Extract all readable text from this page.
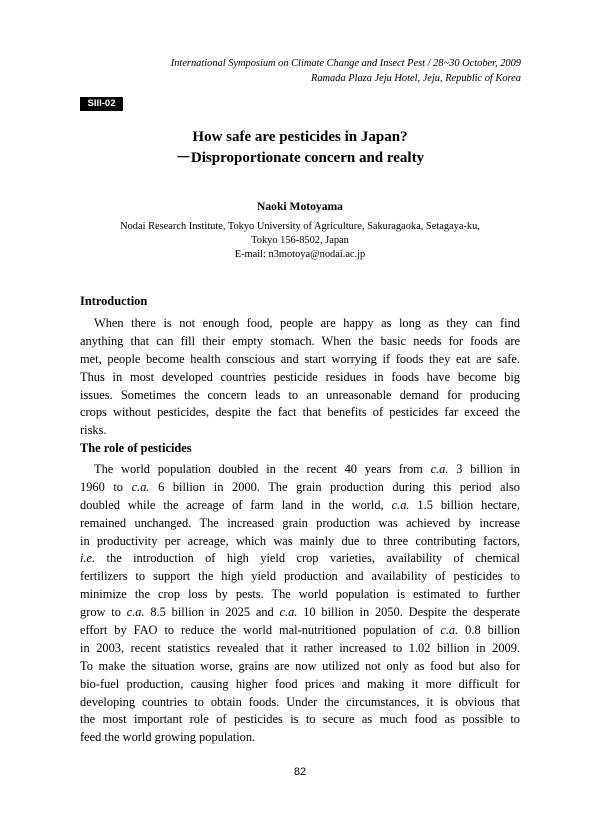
International Symposium on Climate Change and Insect Pest / 28~30 October, 2009
Ramada Plaza Jeju Hotel, Jeju, Republic of Korea
SIII-02
How safe are pesticides in Japan?
－Disproportionate concern and realty
Naoki Motoyama
Nodai Research Institute, Tokyo University of Agriculture, Sakuragaoka, Setagaya-ku,
Tokyo 156-8502, Japan
E-mail: n3motoya@nodai.ac.jp
Introduction
When there is not enough food, people are happy as long as they can find
anything that can fill their empty stomach. When the basic needs for foods are
met, people become health conscious and start worrying if foods they eat are safe.
Thus in most developed countries pesticide residues in foods have become big
issues. Sometimes the concern leads to an unreasonable demand for producing
crops without pesticides, despite the fact that benefits of pesticides far exceed the
risks.
The role of pesticides
The world population doubled in the recent 40 years from c.a. 3 billion in
1960 to c.a. 6 billion in 2000. The grain production during this period also
doubled while the acreage of farm land in the world, c.a. 1.5 billion hectare,
remained unchanged. The increased grain production was achieved by increase
in productivity per acreage, which was mainly due to three contributing factors,
i.e. the introduction of high yield crop varieties, availability of chemical
fertilizers to support the high yield production and availability of pesticides to
minimize the crop loss by pests. The world population is estimated to further
grow to c.a. 8.5 billion in 2025 and c.a. 10 billion in 2050. Despite the desperate
effort by FAO to reduce the world mal-nutritioned population of c.a. 0.8 billion
in 2003, recent statistics revealed that it rather increased to 1.02 billion in 2009.
To make the situation worse, grains are now utilized not only as food but also for
bio-fuel production, causing higher food prices and making it more difficult for
developing countries to obtain foods. Under the circumstances, it is obvious that
the most important role of pesticides is to secure as much food as possible to
feed the world growing population.
82
